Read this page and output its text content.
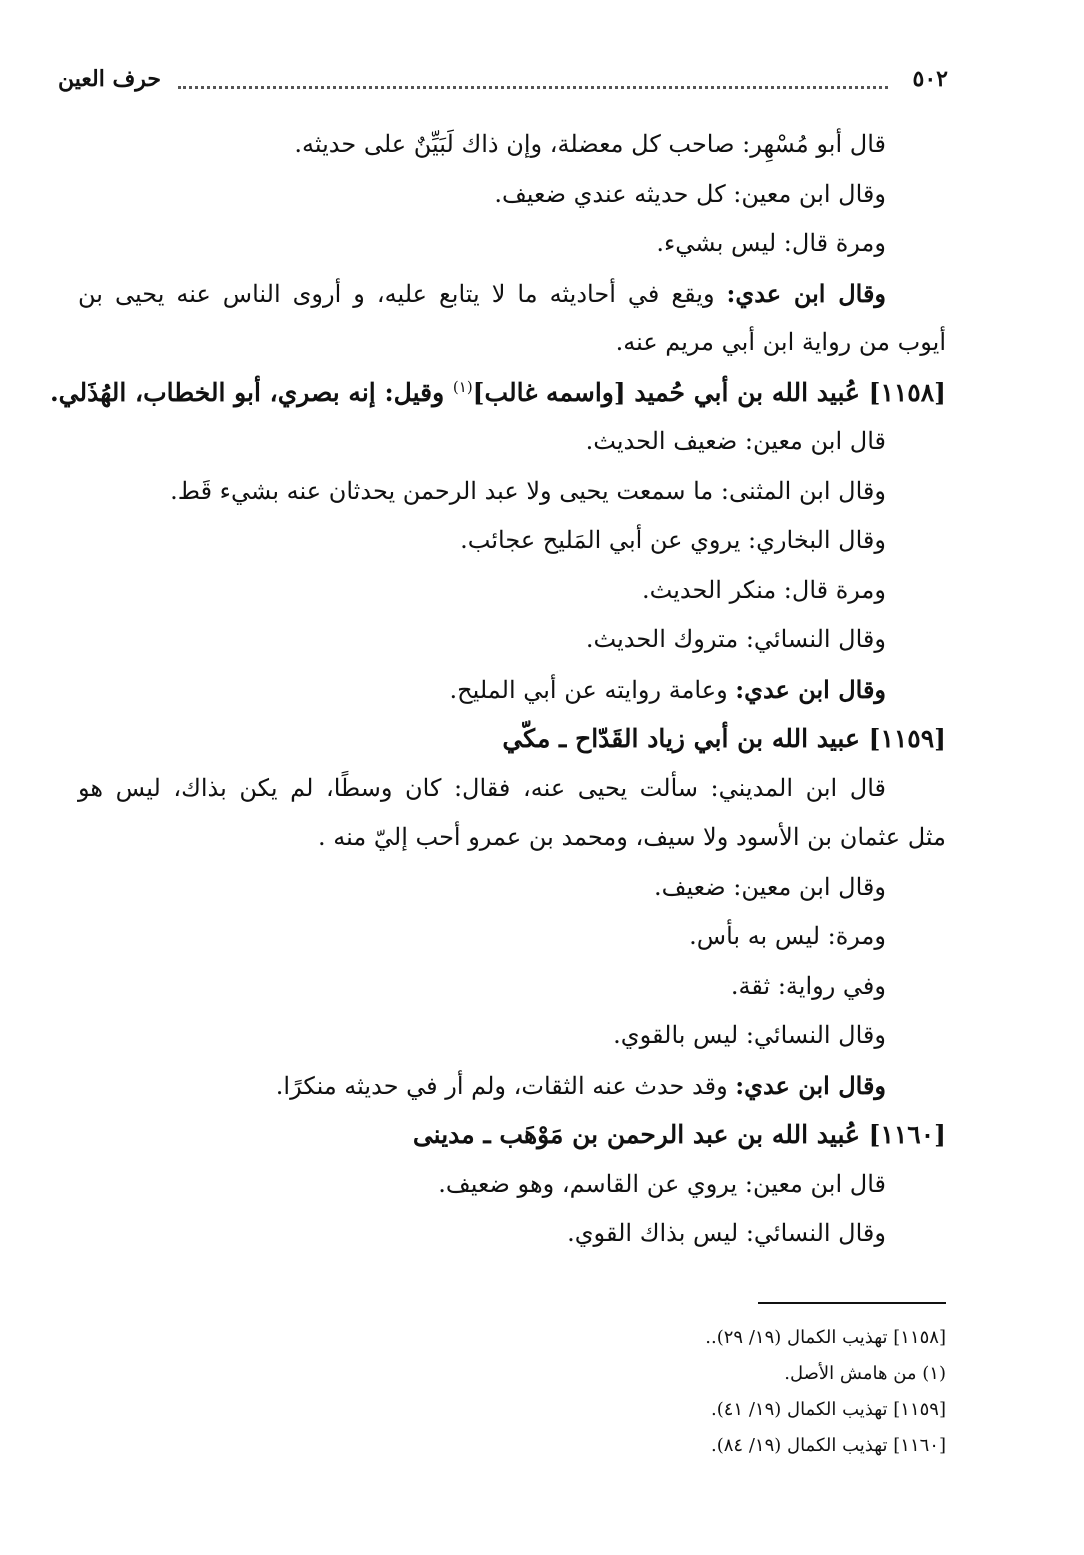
٥٠٢
حرف العين
قال أبو مُسْهِر: صاحب كل معضلة، وإن ذاك لَبَيِّنٌ على حديثه.
وقال ابن معين: كل حديثه عندي ضعيف.
ومرة قال: ليس بشيء.
وقال ابن عدي: ويقع في أحاديثه ما لا يتابع عليه، و أروى الناس عنه يحيى بن
أيوب من رواية ابن أبي مريم عنه.
[١١٥٨] عُبيد الله بن أبي حُميد [واسمه غالب]$^{(١)}$ وقيل: إنه بصري، أبو الخطاب، الهُذَلي.
قال ابن معين: ضعيف الحديث.
وقال ابن المثنى: ما سمعت يحيى ولا عبد الرحمن يحدثان عنه بشيء قَط.
وقال البخاري: يروي عن أبي المَليح عجائب.
ومرة قال: منكر الحديث.
وقال النسائي: متروك الحديث.
وقال ابن عدي: وعامة روايته عن أبي المليح.
[١١٥٩] عبيد الله بن أبي زياد القَدّاح ـ مكّي
قال ابن المديني: سألت يحيى عنه، فقال: كان وسطًا، لم يكن بذاك، ليس هو
مثل عثمان بن الأسود ولا سيف، ومحمد بن عمرو أحب إليّ منه .
وقال ابن معين: ضعيف.
ومرة: ليس به بأس.
وفي رواية: ثقة.
وقال النسائي: ليس بالقوي.
وقال ابن عدي: وقد حدث عنه الثقات، ولم أر في حديثه منكرًا.
[١١٦٠] عُبيد الله بن عبد الرحمن بن مَوْهَب ـ مدينى
قال ابن معين: يروي عن القاسم، وهو ضعيف.
وقال النسائي: ليس بذاك القوي.
[١١٥٨] تهذيب الكمال (١٩/ ٢٩)..
(١) من هامش الأصل.
[١١٥٩] تهذيب الكمال (١٩/ ٤١).
[١١٦٠] تهذيب الكمال (١٩/ ٨٤).
